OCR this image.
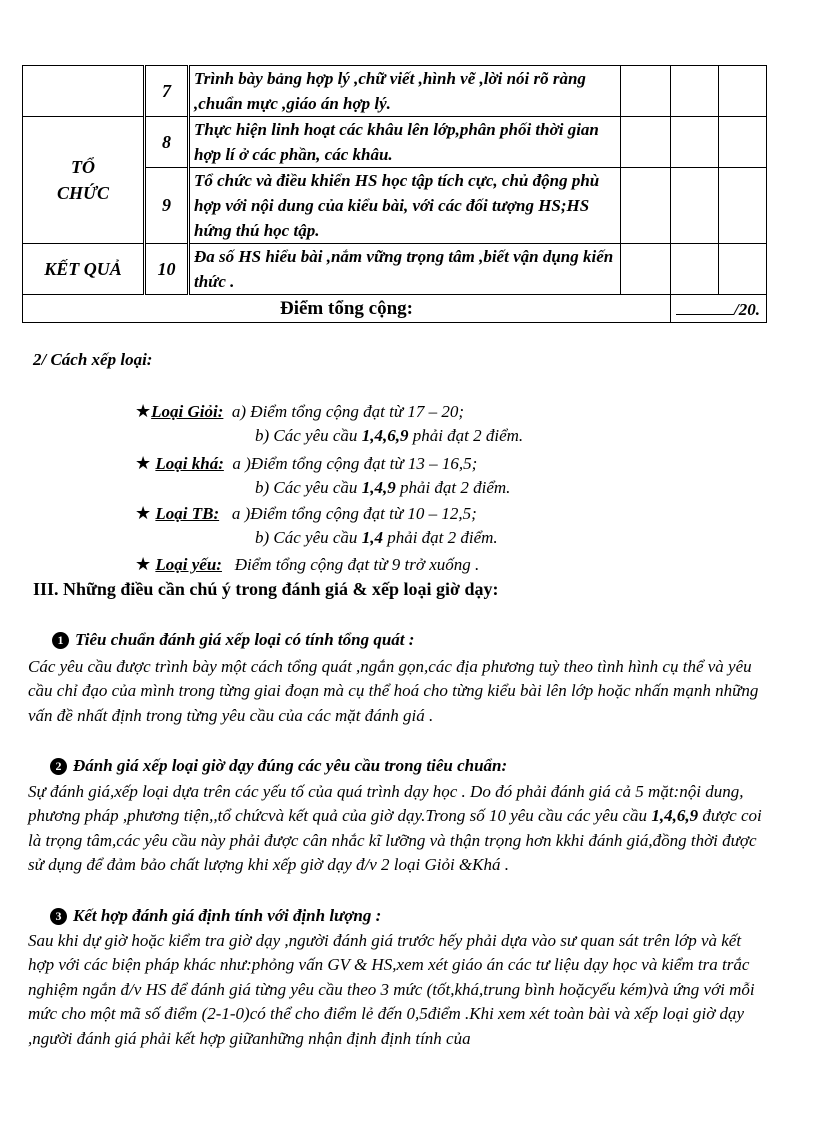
	7	Trình bày bảng hợp lý ,chữ viết ,hình vẽ ,lời nói rõ ràng ,chuẩn mực ,giáo án hợp lý.			

TỔ CHỨC	8	Thực hiện linh hoạt các khâu lên lớp,phân phối thời gian hợp lí ở các phần, các khâu.			
	9	Tổ chức và điều khiển HS học tập tích cực, chủ động phù hợp với nội dung của kiểu bài, với các đối tượng HS;HS hứng thú học tập.			
KẾT QUẢ	10	Đa số HS hiểu bài ,nắm vững trọng tâm ,biết vận dụng kiến thức .			
Điểm tổng cộng:				/20.	
2/ Cách xếp loại:
★Loại Giỏi: a) Điểm tổng cộng đạt từ 17 – 20;
b) Các yêu cầu 1,4,6,9 phải đạt 2 điểm.
★ Loại khá: a )Điểm tổng cộng đạt từ 13 – 16,5;
b) Các yêu cầu 1,4,9 phải đạt 2 điểm.
★ Loại TB: a )Điểm tổng cộng đạt từ 10 – 12,5;
b) Các yêu cầu 1,4 phải đạt 2 điểm.
★ Loại yếu: Điểm tổng cộng đạt từ 9 trở xuống .
III. Những điều cần chú ý trong đánh giá & xếp loại giờ dạy:
1 Tiêu chuẩn đánh giá xếp loại có tính tổng quát :
Các yêu cầu được trình bày một cách tổng quát ,ngắn gọn,các địa phương tuỳ theo tình hình cụ thể và yêu cầu chỉ đạo của mình trong từng giai đoạn mà cụ thể hoá cho từng kiểu bài lên lớp hoặc nhấn mạnh những vấn đề nhất định trong từng yêu cầu của các mặt đánh giá .
2 Đánh giá xếp loại giờ dạy đúng các yêu cầu trong tiêu chuẩn:
Sự đánh giá,xếp loại dựa trên các yếu tố của quá trình dạy học . Do đó phải đánh giá cả 5 mặt:nội dung, phương pháp ,phương tiện,,tổ chứcvà kết quả của giờ dạy.Trong số 10 yêu cầu các yêu cầu 1,4,6,9 được coi là trọng tâm,các yêu cầu này phải được cân nhắc kĩ lưỡng và thận trọng hơn kkhi đánh giá,đồng thời được sử dụng để đảm bảo chất lượng khi xếp giờ dạy đ/v 2 loại Giỏi &Khá .
3 Kết hợp đánh giá định tính với định lượng :
Sau khi dự giờ hoặc kiểm tra giờ dạy ,người đánh giá trước hếy phải dựa vào sư quan sát trên lớp và kết hợp với các biện pháp khác như:phỏng vấn GV & HS,xem xét giáo án các tư liệu dạy học và kiểm tra trắc nghiệm ngắn đ/v HS để đánh giá từng yêu cầu theo 3 mức (tốt,khá,trung bình hoặcyếu kém)và ứng với mỗi mức cho một mã số điểm (2-1-0)có thể cho điểm lẻ đến 0,5điểm .Khi xem xét toàn bài và xếp loại giờ dạy ,người đánh giá phải kết hợp giữanhững nhận định định tính của
